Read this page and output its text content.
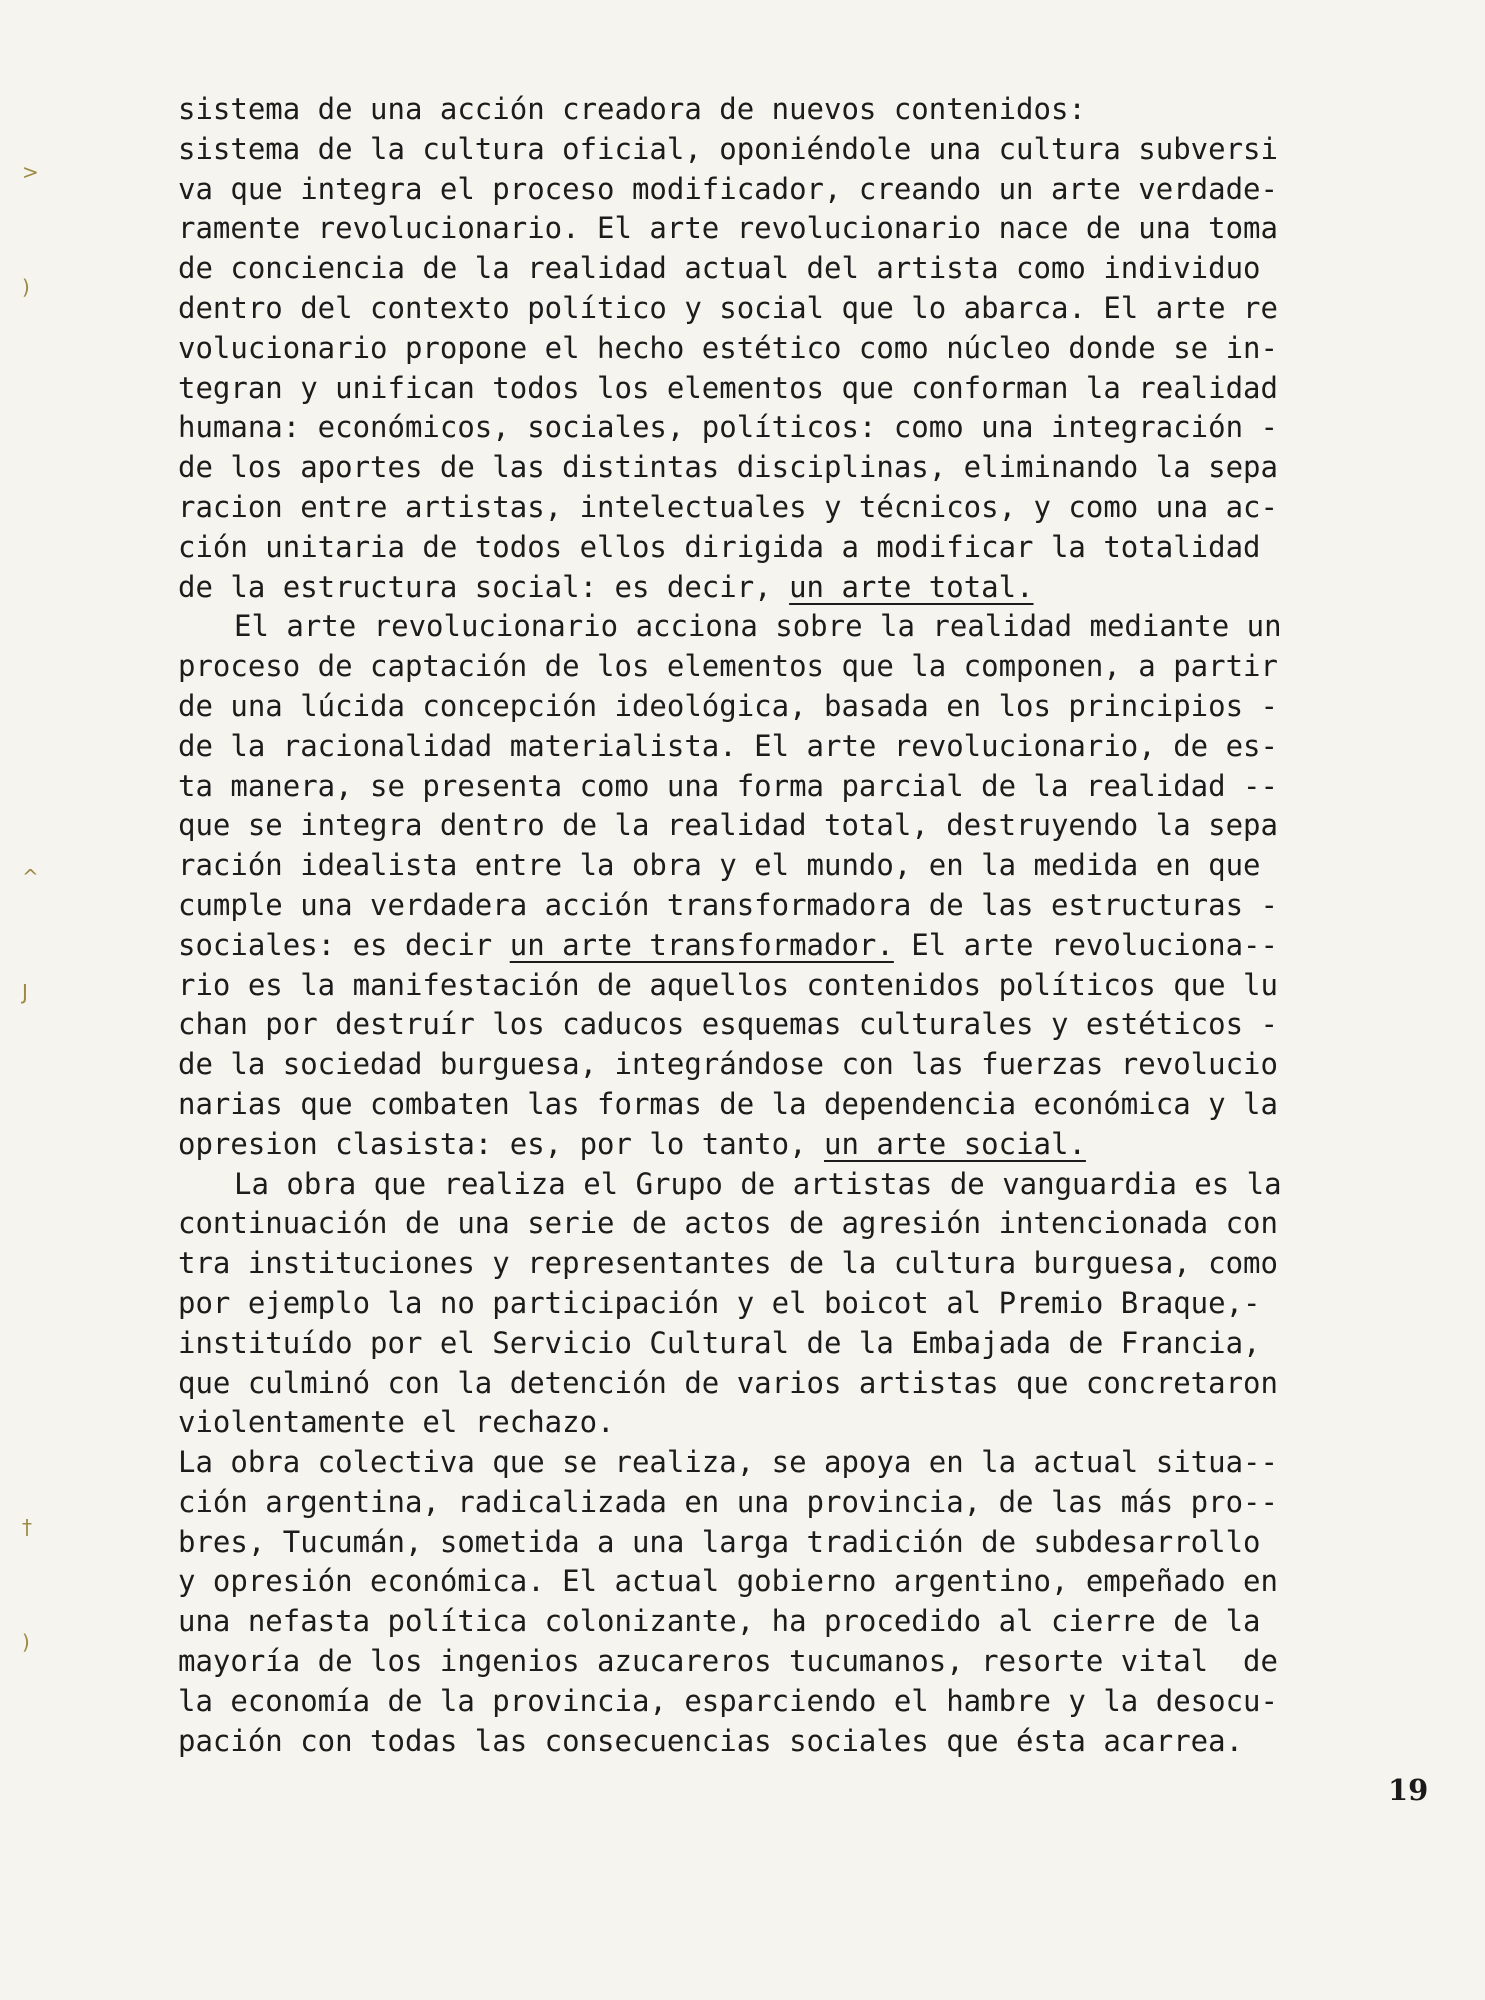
sistema de una acción creadora de nuevos contenidos:
sistema de la cultura oficial, oponiéndole una cultura subversi
va que integra el proceso modificador, creando un arte verdade-
ramente revolucionario. El arte revolucionario nace de una toma
de conciencia de la realidad actual del artista como individuo
dentro del contexto político y social que lo abarca. El arte re
volucionario propone el hecho estético como núcleo donde se in-
tegran y unifican todos los elementos que conforman la realidad
humana: económicos, sociales, políticos: como una integración -
de los aportes de las distintas disciplinas, eliminando la sepa
racion entre artistas, intelectuales y técnicos, y como una ac-
ción unitaria de todos ellos dirigida a modificar la totalidad
de la estructura social: es decir, un arte total.
El arte revolucionario acciona sobre la realidad mediante un
proceso de captación de los elementos que la componen, a partir
de una lúcida concepción ideológica, basada en los principios -
de la racionalidad materialista. El arte revolucionario, de es-
ta manera, se presenta como una forma parcial de la realidad --
que se integra dentro de la realidad total, destruyendo la sepa
ración idealista entre la obra y el mundo, en la medida en que
cumple una verdadera acción transformadora de las estructuras -
sociales: es decir un arte transformador. El arte revoluciona--
rio es la manifestación de aquellos contenidos políticos que lu
chan por destruír los caducos esquemas culturales y estéticos -
de la sociedad burguesa, integrándose con las fuerzas revolucio
narias que combaten las formas de la dependencia económica y la
opresion clasista: es, por lo tanto, un arte social.
La obra que realiza el Grupo de artistas de vanguardia es la
continuación de una serie de actos de agresión intencionada con
tra instituciones y representantes de la cultura burguesa, como
por ejemplo la no participación y el boicot al Premio Braque,-
instituído por el Servicio Cultural de la Embajada de Francia,
que culminó con la detención de varios artistas que concretaron
violentamente el rechazo.
La obra colectiva que se realiza, se apoya en la actual situa--
ción argentina, radicalizada en una provincia, de las más pro--
bres, Tucumán, sometida a una larga tradición de subdesarrollo
y opresión económica. El actual gobierno argentino, empeñado en
una nefasta política colonizante, ha procedido al cierre de la
mayoría de los ingenios azucareros tucumanos, resorte vital  de
la economía de la provincia, esparciendo el hambre y la desocu-
pación con todas las consecuencias sociales que ésta acarrea.
19
>
)
^
J
†
)
